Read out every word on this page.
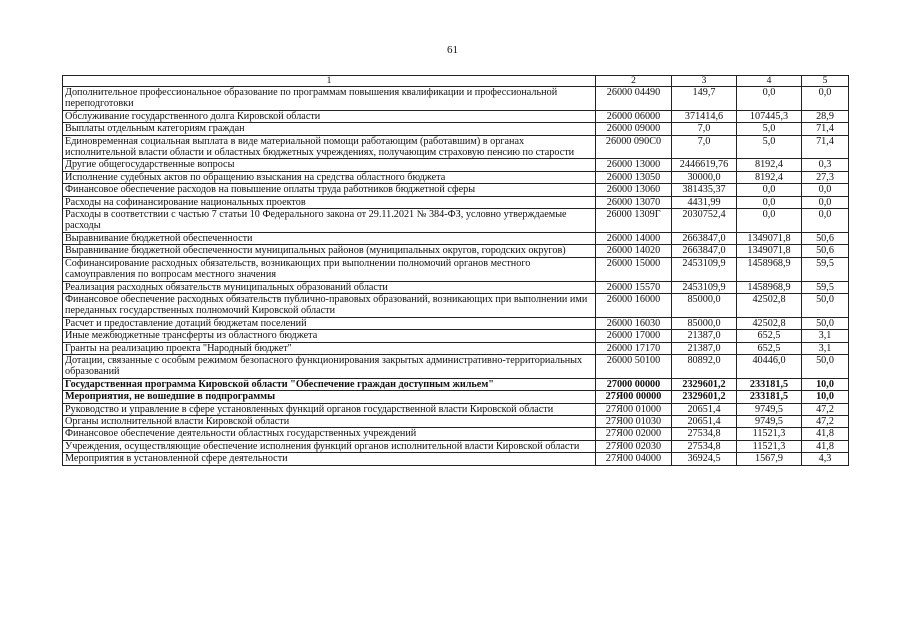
61
1	2	3	4	5
Дополнительное профессиональное образование по программам повышения квалификации и профессиональной переподготовки	26000 04490	149,7	0,0	0,0
Обслуживание государственного долга Кировской области	26000 06000	371414,6	107445,3	28,9
Выплаты отдельным категориям граждан	26000 09000	7,0	5,0	71,4
Единовременная социальная выплата в виде материальной помощи работающим (работавшим) в органах исполнительной власти области и областных бюджетных учреждениях, получающим страховую пенсию по старости	26000 090С0	7,0	5,0	71,4
Другие общегосударственные вопросы	26000 13000	2446619,76	8192,4	0,3
Исполнение судебных актов по обращению взыскания на средства областного бюджета	26000 13050	30000,0	8192,4	27,3
Финансовое обеспечение расходов на повышение оплаты труда работников бюджетной сферы	26000 13060	381435,37	0,0	0,0
Расходы на софинансирование национальных проектов	26000 13070	4431,99	0,0	0,0
Расходы в соответствии с частью 7 статьи 10 Федерального закона от 29.11.2021 № 384-ФЗ, условно утверждаемые расходы	26000 1309Г	2030752,4	0,0	0,0
Выравнивание бюджетной обеспеченности	26000 14000	2663847,0	1349071,8	50,6
Выравнивание бюджетной обеспеченности муниципальных районов (муниципальных округов, городских округов)	26000 14020	2663847,0	1349071,8	50,6
Софинансирование расходных обязательств, возникающих при выполнении полномочий органов местного самоуправления по вопросам местного значения	26000 15000	2453109,9	1458968,9	59,5
Реализация расходных обязательств муниципальных образований области	26000 15570	2453109,9	1458968,9	59,5
Финансовое обеспечение расходных обязательств публично-правовых образований, возникающих при выполнении ими переданных государственных полномочий Кировской области	26000 16000	85000,0	42502,8	50,0
Расчет и предоставление дотаций бюджетам поселений	26000 16030	85000,0	42502,8	50,0
Иные межбюджетные трансферты из областного бюджета	26000 17000	21387,0	652,5	3,1
Гранты на реализацию проекта "Народный бюджет"	26000 17170	21387,0	652,5	3,1
Дотации, связанные с особым режимом безопасного функционирования закрытых административно-территориальных образований	26000 50100	80892,0	40446,0	50,0
Государственная программа Кировской области "Обеспечение граждан доступным жильем"	27000 00000	2329601,2	233181,5	10,0
Мероприятия, не вошедшие в подпрограммы	27Я00 00000	2329601,2	233181,5	10,0
Руководство и управление в сфере установленных функций органов государственной власти Кировской области	27Я00 01000	20651,4	9749,5	47,2
Органы исполнительной власти Кировской области	27Я00 01030	20651,4	9749,5	47,2
Финансовое обеспечение деятельности областных государственных учреждений	27Я00 02000	27534,8	11521,3	41,8
Учреждения, осуществляющие обеспечение исполнения функций органов исполнительной власти Кировской области	27Я00 02030	27534,8	11521,3	41,8
Мероприятия в установленной сфере деятельности	27Я00 04000	36924,5	1567,9	4,3
